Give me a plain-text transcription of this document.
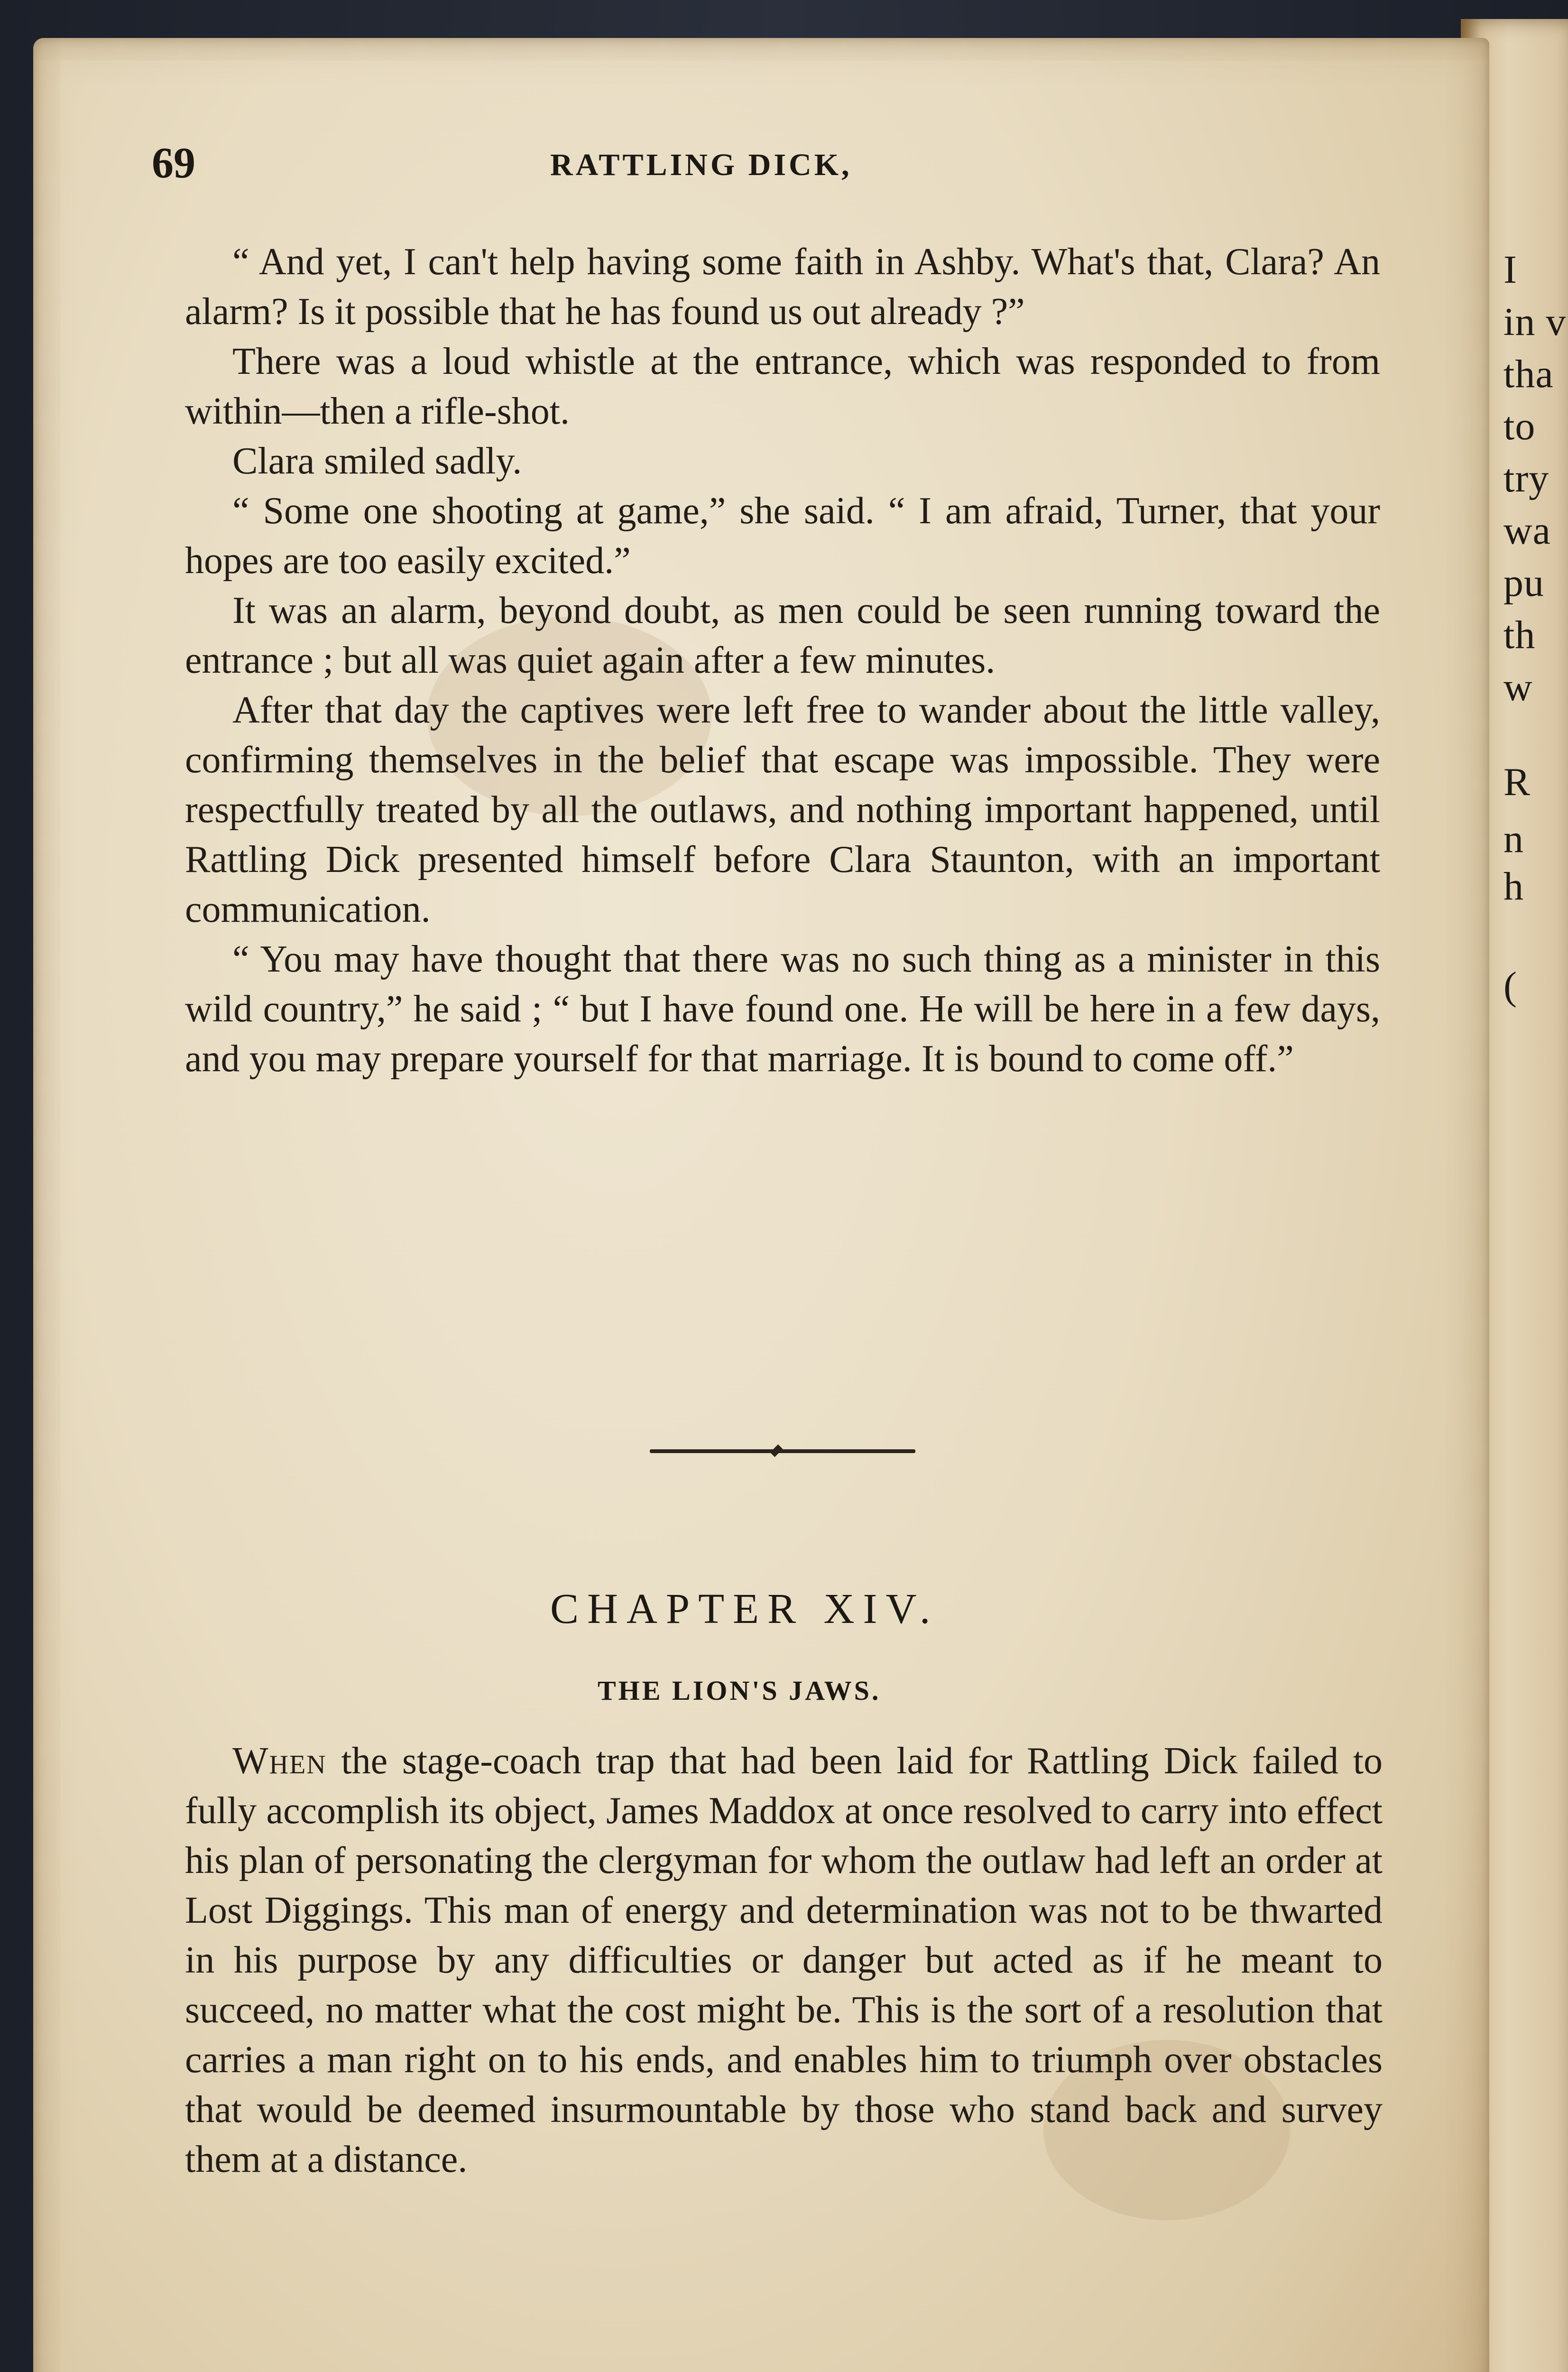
I
in v
tha
to
try
wa
pu
th
w
R
n
h
(
69	RATTLING DICK,

“ And yet, I can't help having some faith in Ashby. What's that, Clara? An alarm? Is it possible that he has found us out already ?”

There was a loud whistle at the entrance, which was responded to from within—then a rifle-shot.

Clara smiled sadly.

“ Some one shooting at game,” she said. “ I am afraid, Turner, that your hopes are too easily excited.”

It was an alarm, beyond doubt, as men could be seen running toward the entrance ; but all was quiet again after a few minutes.

After that day the captives were left free to wander about the little valley, confirming themselves in the belief that escape was impossible. They were respectfully treated by all the outlaws, and nothing important happened, until Rattling Dick presented himself before Clara Staunton, with an important communication.

“ You may have thought that there was no such thing as a minister in this wild country,” he said ; “ but I have found one. He will be here in a few days, and you may prepare yourself for that marriage. It is bound to come off.”

CHAPTER XIV.
THE LION'S JAWS.

When the stage-coach trap that had been laid for Rattling Dick failed to fully accomplish its object, James Maddox at once resolved to carry into effect his plan of personating the clergyman for whom the outlaw had left an order at Lost Diggings. This man of energy and determination was not to be thwarted in his purpose by any difficulties or danger but acted as if he meant to succeed, no matter what the cost might be. This is the sort of a resolution that carries a man right on to his ends, and enables him to triumph over obstacles that would be deemed insurmountable by those who stand back and survey them at a distance.
